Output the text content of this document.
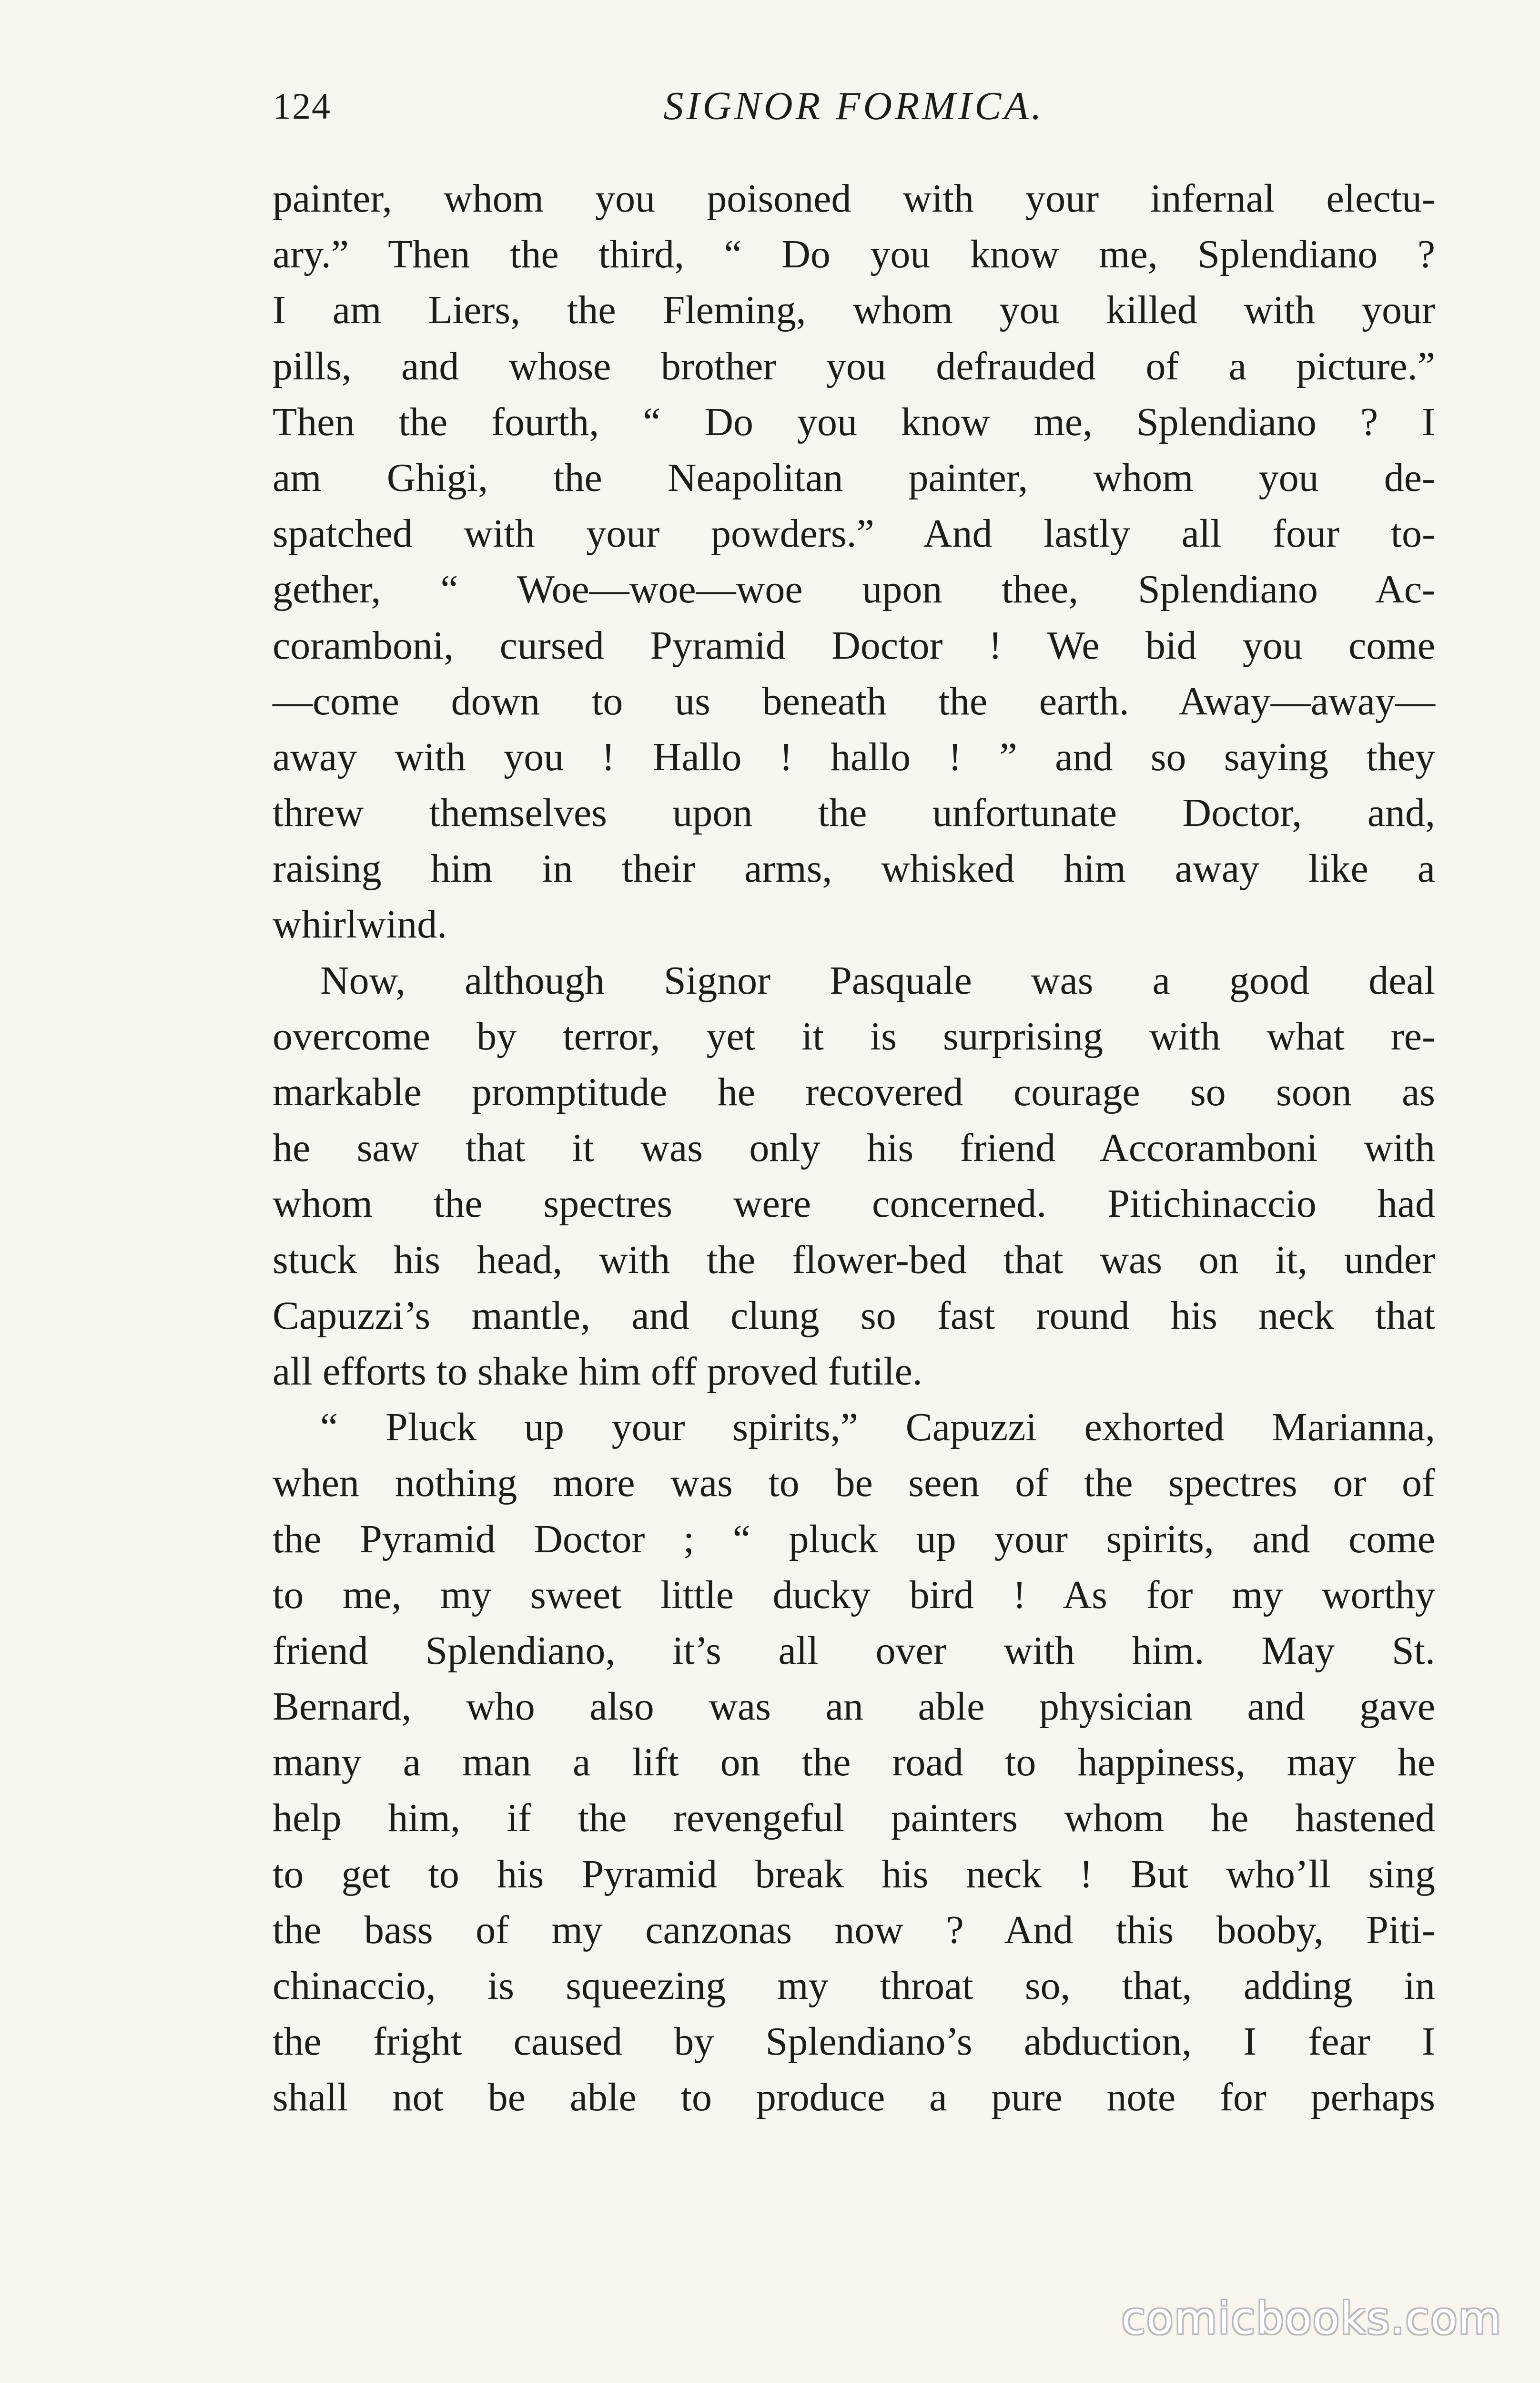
124	SIGNOR FORMICA.
painter, whom you poisoned with your infernal electu-
ary.” Then the third, “ Do you know me, Splendiano ?
I am Liers, the Fleming, whom you killed with your
pills, and whose brother you defrauded of a picture.”
Then the fourth, “ Do you know me, Splendiano ? I
am Ghigi, the Neapolitan painter, whom you de-
spatched with your powders.” And lastly all four to-
gether, “ Woe—woe—woe upon thee, Splendiano Ac-
coramboni, cursed Pyramid Doctor ! We bid you come
—come down to us beneath the earth. Away—away—
away with you ! Hallo ! hallo ! ” and so saying they
threw themselves upon the unfortunate Doctor, and,
raising him in their arms, whisked him away like a
whirlwind.
Now, although Signor Pasquale was a good deal
overcome by terror, yet it is surprising with what re-
markable promptitude he recovered courage so soon as
he saw that it was only his friend Accoramboni with
whom the spectres were concerned. Pitichinaccio had
stuck his head, with the flower-bed that was on it, under
Capuzzi’s mantle, and clung so fast round his neck that
all efforts to shake him off proved futile.
“ Pluck up your spirits,” Capuzzi exhorted Marianna,
when nothing more was to be seen of the spectres or of
the Pyramid Doctor ; “ pluck up your spirits, and come
to me, my sweet little ducky bird ! As for my worthy
friend Splendiano, it’s all over with him. May St.
Bernard, who also was an able physician and gave
many a man a lift on the road to happiness, may he
help him, if the revengeful painters whom he hastened
to get to his Pyramid break his neck ! But who’ll sing
the bass of my canzonas now ? And this booby, Piti-
chinaccio, is squeezing my throat so, that, adding in
the fright caused by Splendiano’s abduction, I fear I
shall not be able to produce a pure note for perhaps
comicbooks.com
